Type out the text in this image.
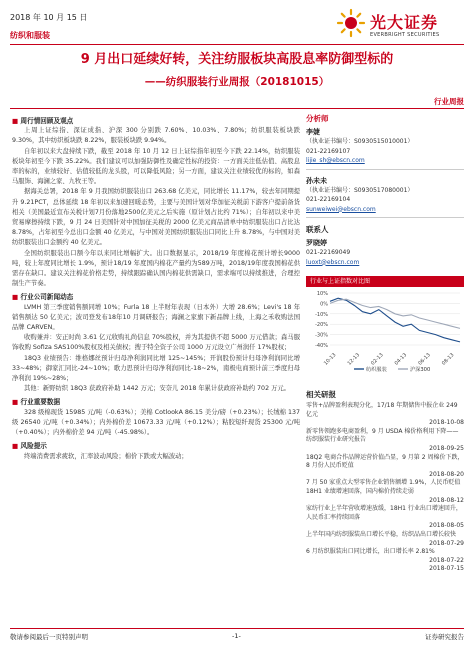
2018 年 10 月 15 日
纺织和服装
光大证券
EVERBRIGHT SECURITIES
9 月出口延续好转，关注纺服板块高股息率防御型标的
——纺织服装行业周报（20181015）
行业周报
■ 周行情回顾及观点
上周上证综指、深证成指、沪深 300 分别跌 7.60%、10.03%、7.80%；纺织服装板块跌 9.30%，其中纺织板块跌 8.22%，服装板块跌 9.94%。
自年初以来大盘持续下跌，截至 2018 年 10 月 12 日上证综指年初至今下跌 22.14%，纺织服装板块年初至今下跌 35.22%。我们建议可以加强防御性及确定性标的投资：一方面关注低估值、高股息率的标的，业绩较好、估值较低的龙头股，可以降低风险；另一方面，建议关注业绩较优的标的，如森马服饰、海澜之家、九牧王等。
据海关总署，2018 年 9 月我国纺织服装出口 263.68 亿美元，同比增长 11.17%，较去年同期提升 9.21PCT，总体延续 18 年初以来加速回暖态势，主要与美国计划对华加征关税前下游客户提前备货相关（美国最近宣布关税计划7月份落地2500亿美元之后实施（原计划占比约 71%）；自年初以来中美贸易摩擦持续下跌，9 月 24 日美国针对中国加征关税的 2000 亿美元商品清单中纺织服装出口占比达 8.78%，占年初至今总出口金额 40 亿美元，与中国对美国纺织服装出口同比上升 8.78%，与中国对美纺织服装出口金额约 40 亿美元。
全国纺织服装出口额今年以来同比增幅扩大。出口数据显示，2018/19 年度棉花预计增长9000吨，较上年度同比增长 1.9%，预计18/19 年度国内棉花产量约为589万吨，2018/19年度我国棉花供需存在缺口。建议关注棉花价格走势，持续跟踪确认国内棉花供需缺口，需求端可以持续推进，合理控制生产节奏。
■ 行业公司新闻动态
LVMH 第三季度销售额同增 10%；Furla 18 上半财年表现（日本外）大增 28.6%；Levi's 18 年销售额达 50 亿美元；波司登发布18年10 月调研报告；海澜之家旗下新品牌上线，上海之禾收购法国品牌 CARVEN。
收购兼并：安正时尚 3.61 亿元收购礼尚信息 70%股权，并为其提供不超 5000 万元借款；森马服饰收购 Sofiza SAS100%股权及相关债权；搜于特全资子公司 1000 万元设立广州润仟 17%股权；
18Q3 业绩预告：维格娜丝预计归母净利润同比增 125~145%；开润股份预计归母净利润同比增 33~48%；御家汇同比-24~10%；歌力思预计归母净利润同比-18~2%，南极电商预计前三季度归母净利润 19%~28%；
其他：新野纺织 18Q3 获政府补助 1442 万元；安奈儿 2018 年累计获政府补助约 702 万元。
■ 行业重要数据
328 级棉现货 15985 元/吨（-0.63%）；美棉 CotlookA 86.15 美分/磅（+0.23%）；长绒棉 137 级 26540 元/吨（+0.34%）；内外棉价差 10673.33 元/吨（+0.12%）；粘胶短纤现货 25300 元/吨（+0.40%）；内外棉价差 94 元/吨（-45.98%）。
■ 风险提示
终端消费需求疲软，汇率波动风险；棉价下跌或大幅波动；
分析师
李婕
（执业证书编号：S0930515010001）
021-22169107
lijie_sh@ebscn.com
孙未未
（执业证书编号：S0930517080001）
021-22169104
sunweiwei@ebscn.com
联系人
罗晓婷
021-22169049
luoxt@ebscn.com
行业与上证指数对比图
10%
0%
-10%
-20%
-30%
-40%
10-13 12-13 02-13 04-13 06-13 08-13
纺织服装	沪深300
相关研报
零售+品牌盈利表现分化，17/18 年期储售中报企业 249 亿元
2018-10-08
新零售领跑多电商盈利，9 月 USDA 棉价格利用下降——纺织服装行业研究报告
2018-09-25
18Q2 电商合作品牌运营价值凸显，9 月第 2 周棉价下跌，8 月份人民币贬值
2018-08-20
7 月 50 家重点大型零售企业销售额增 1.9%，人民币贬值 18H1 业绩增速回落，国内棉价持续走弱
2018-08-12
家纺行业上半年营收增速放缓，18H1 行业出口增速回升，人民币汇率持续回落
2018-08-05
上半年国内纺织服装出口增长平稳，纺织品出口增长较快
2018-07-29
6 月纺织服装出口同比增长，出口增长率 2.81%
2018-07-22
2018-07-15
敬请参阅最后一页特别声明	-1-	证券研究报告
